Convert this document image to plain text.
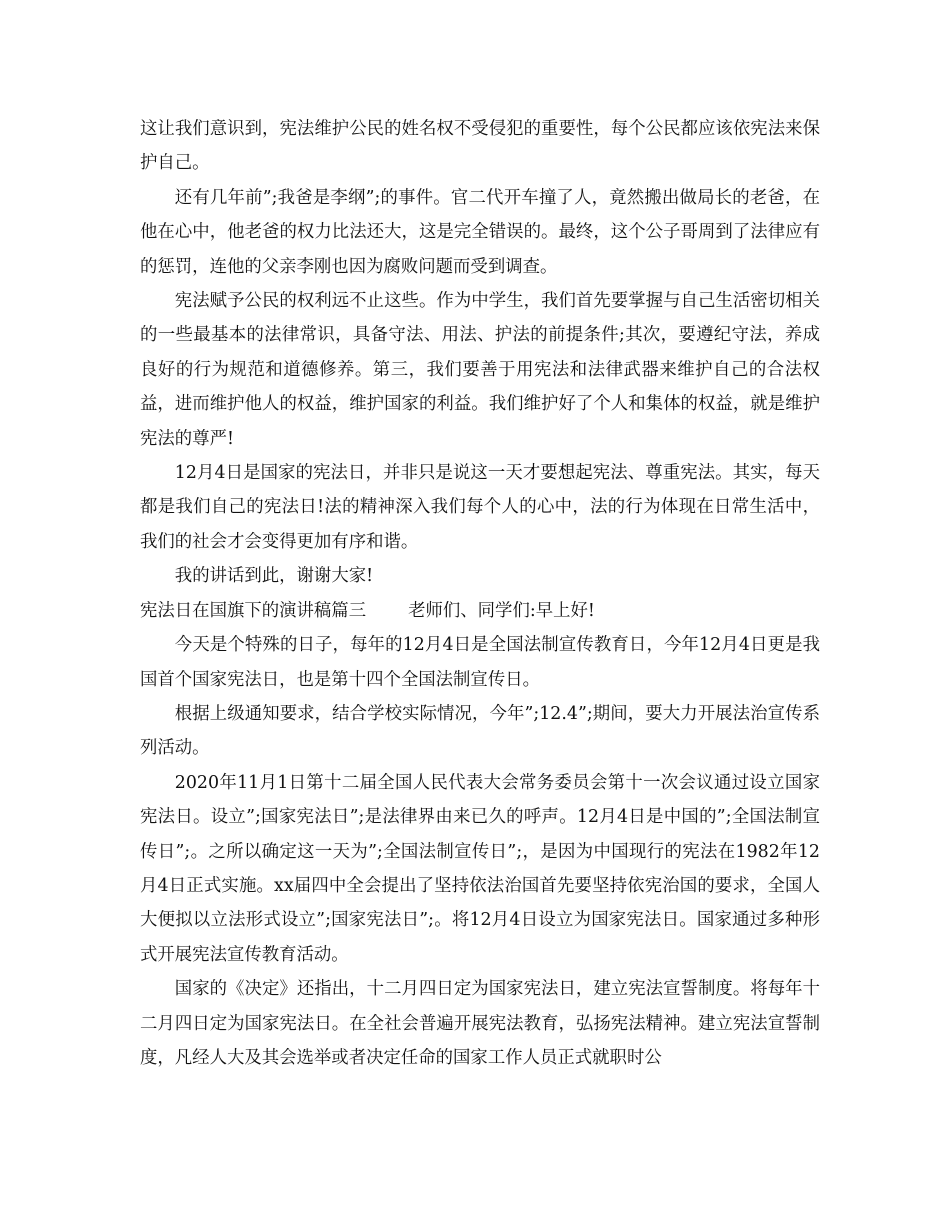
这让我们意识到，宪法维护公民的姓名权不受侵犯的重要性，每个公民都应该依宪法来保护自己。

还有几年前”;我爸是李纲”;的事件。官二代开车撞了人，竟然搬出做局长的老爸，在他在心中，他老爸的权力比法还大，这是完全错误的。最终，这个公子哥周到了法律应有的惩罚，连他的父亲李刚也因为腐败问题而受到调查。

宪法赋予公民的权利远不止这些。作为中学生，我们首先要掌握与自己生活密切相关的一些最基本的法律常识，具备守法、用法、护法的前提条件;其次，要遵纪守法，养成良好的行为规范和道德修养。第三，我们要善于用宪法和法律武器来维护自己的合法权益，进而维护他人的权益，维护国家的利益。我们维护好了个人和集体的权益，就是维护宪法的尊严!

12月4日是国家的宪法日，并非只是说这一天才要想起宪法、尊重宪法。其实，每天都是我们自己的宪法日!法的精神深入我们每个人的心中，法的行为体现在日常生活中，我们的社会才会变得更加有序和谐。

我的讲话到此，谢谢大家!

宪法日在国旗下的演讲稿篇三 老师们、同学们:早上好!

今天是个特殊的日子，每年的12月4日是全国法制宣传教育日，今年12月4日更是我国首个国家宪法日，也是第十四个全国法制宣传日。

根据上级通知要求，结合学校实际情况，今年”;12.4”;期间，要大力开展法治宣传系列活动。

2020年11月1日第十二届全国人民代表大会常务委员会第十一次会议通过设立国家宪法日。设立”;国家宪法日”;是法律界由来已久的呼声。12月4日是中国的”;全国法制宣传日”;。之所以确定这一天为”;全国法制宣传日”;，是因为中国现行的宪法在1982年12月4日正式实施。xx届四中全会提出了坚持依法治国首先要坚持依宪治国的要求，全国人大便拟以立法形式设立”;国家宪法日”;。将12月4日设立为国家宪法日。国家通过多种形式开展宪法宣传教育活动。

国家的《决定》还指出，十二月四日定为国家宪法日，建立宪法宣誓制度。将每年十二月四日定为国家宪法日。在全社会普遍开展宪法教育，弘扬宪法精神。建立宪法宣誓制度，凡经人大及其会选举或者决定任命的国家工作人员正式就职时公
